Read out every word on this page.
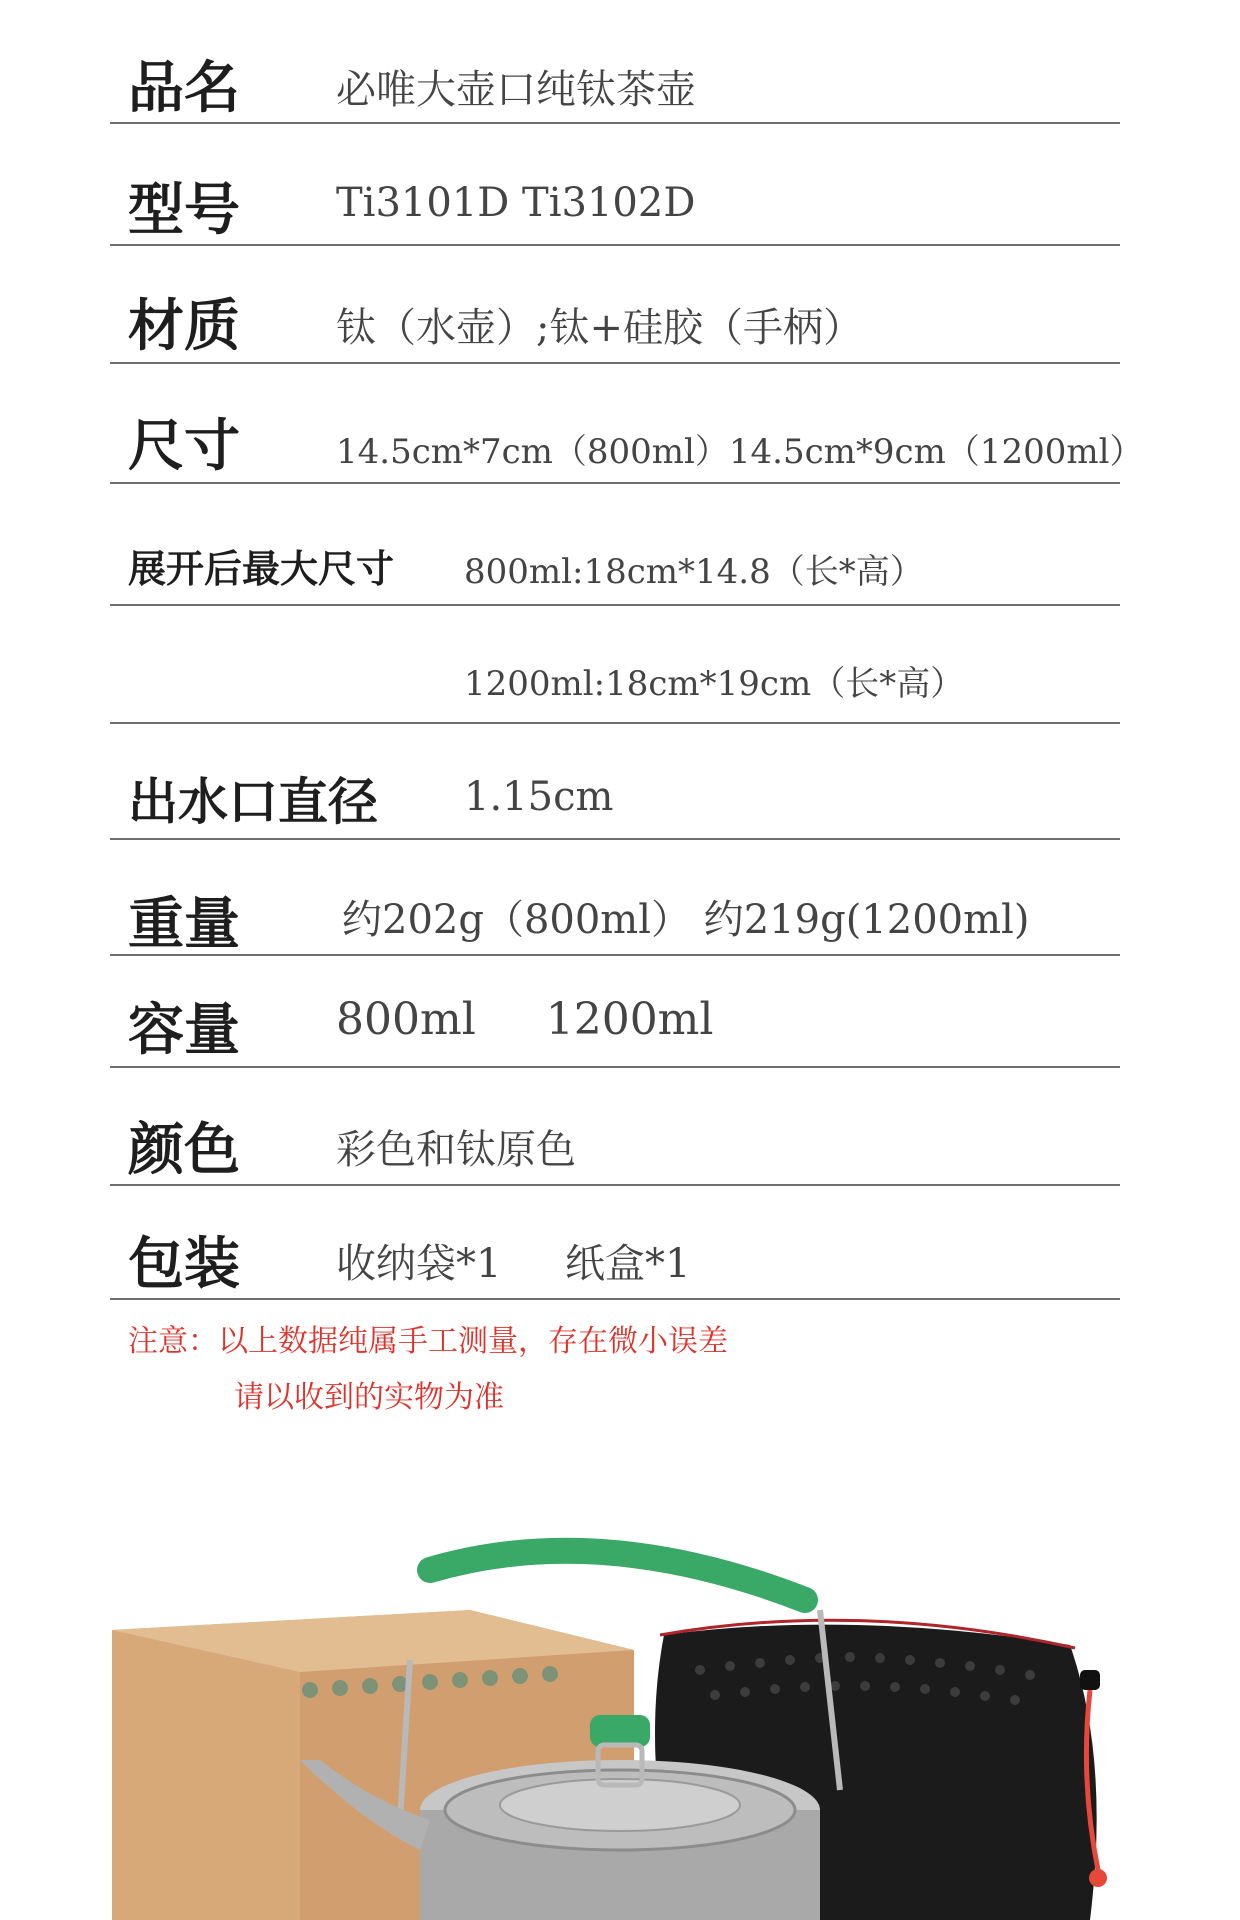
品名 必唯大壶口纯钛茶壶
型号 Ti3101D Ti3102D
材质 钛（水壶）;钛+硅胶（手柄）
尺寸	14.5cm*7cm（800ml）14.5cm*9cm（1200ml）
展开后最大尺寸 800ml:18cm*14.8（长*高）
1200ml:18cm*19cm（长*高）
出水口直径 1.15cm
重量	约202g（800ml） 约219g(1200ml)
容量 800ml     1200ml
颜色 彩色和钛原色
包装 收纳袋*1     纸盒*1
注意：以上数据纯属手工测量，存在微小误差
请以收到的实物为准
